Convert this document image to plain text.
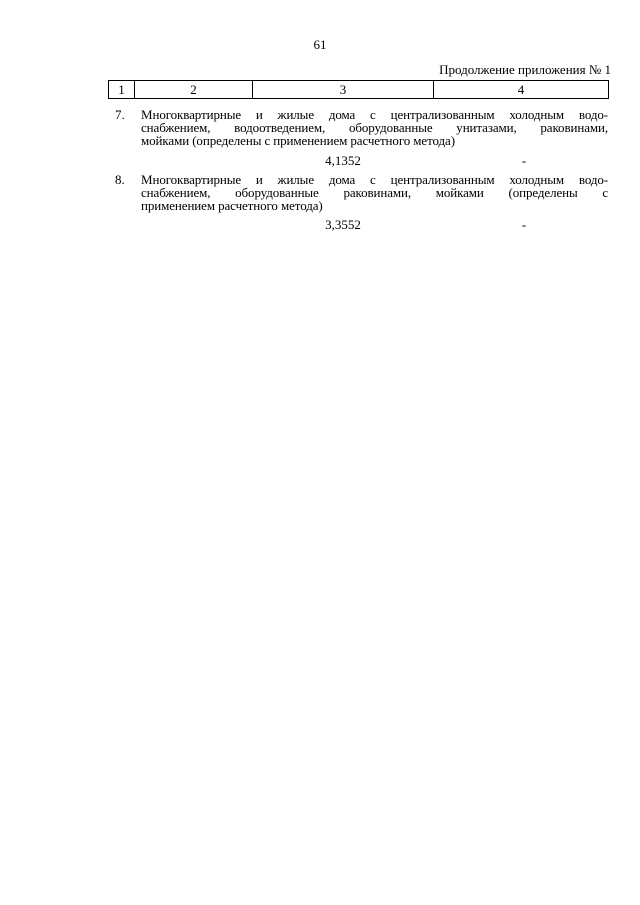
61
Продолжение приложения № 1
1	2	3	4
7. Многоквартирные и жилые дома с централизованным холодным водо-
снабжением, водоотведением, оборудованные унитазами, раковинами,
мойками (определены с применением расчетного метода)
4,1352	-
8. Многоквартирные и жилые дома с централизованным холодным водо-
снабжением, оборудованные раковинами, мойками (определены с
применением расчетного метода)
3,3552	-
